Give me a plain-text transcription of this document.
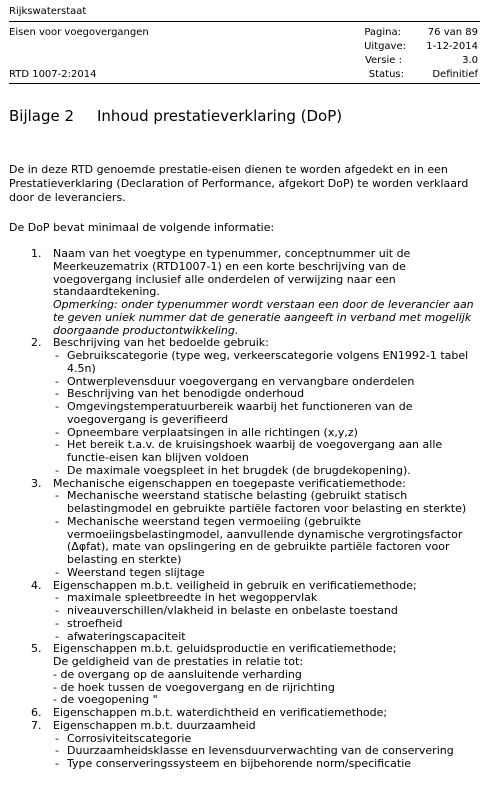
Rijkswaterstaat
Eisen voor voegovergangen
RTD 1007-2:2014
Pagina:	76 van 89
Uitgave:	1-12-2014
Versie :	3.0
Status:	Definitief
Bijlage 2 Inhoud prestatieverklaring (DoP)
De in deze RTD genoemde prestatie-eisen dienen te worden afgedekt en in een Prestatieverklaring (Declaration of Performance, afgekort DoP) te worden verklaard door de leveranciers.
De DoP bevat minimaal de volgende informatie:
1. Naam van het voegtype en typenummer, conceptnummer uit de Meerkeuzematrix (RTD1007-1) en een korte beschrijving van de voegovergang inclusief alle onderdelen of verwijzing naar een standaardtekening.
Opmerking: onder typenummer wordt verstaan een door de leverancier aan te geven uniek nummer dat de generatie aangeeft in verband met mogelijk doorgaande productontwikkeling.
2. Beschrijving van het bedoelde gebruik:
- Gebruikscategorie (type weg, verkeerscategorie volgens EN1992-1 tabel 4.5n)
- Ontwerplevensduur voegovergang en vervangbare onderdelen
- Beschrijving van het benodigde onderhoud
- Omgevingstemperatuurbereik waarbij het functioneren van de voegovergang is geverifieerd
- Opneembare verplaatsingen in alle richtingen (x,y,z)
- Het bereik t.a.v. de kruisingshoek waarbij de voegovergang aan alle functie-eisen kan blijven voldoen
- De maximale voegspleet in het brugdek (de brugdekopening).
3. Mechanische eigenschappen en toegepaste verificatiemethode:
- Mechanische weerstand statische belasting (gebruikt statisch belastingmodel en gebruikte partiële factoren voor belasting en sterkte)
- Mechanische weerstand tegen vermoeiing (gebruikte vermoeiingsbelastingmodel, aanvullende dynamische vergrotingsfactor (Δφfat), mate van opslingering en de gebruikte partiële factoren voor belasting en sterkte)
- Weerstand tegen slijtage
4. Eigenschappen m.b.t. veiligheid in gebruik en verificatiemethode;
- maximale spleetbreedte in het wegoppervlak
- niveauverschillen/vlakheid in belaste en onbelaste toestand
- stroefheid
- afwateringscapaciteit
5. Eigenschappen m.b.t. geluidsproductie en verificatiemethode;
De geldigheid van de prestaties in relatie tot:
- de overgang op de aansluitende verharding
- de hoek tussen de voegovergang en de rijrichting
- de voegopening "
6. Eigenschappen m.b.t. waterdichtheid en verificatiemethode;
7. Eigenschappen m.b.t. duurzaamheid
- Corrosiviteitscategorie
- Duurzaamheidsklasse en levensduurverwachting van de conservering
- Type conserveringssysteem en bijbehorende norm/specificatie
